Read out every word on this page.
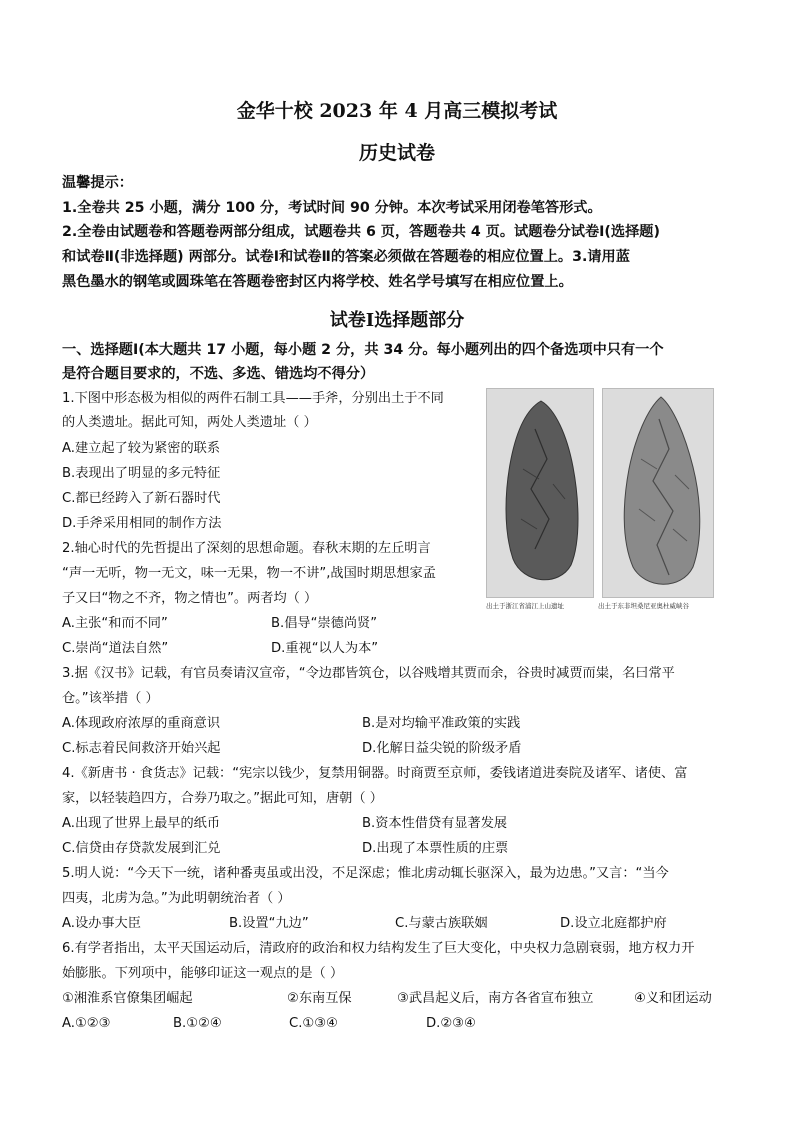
金华十校 2023 年 4 月高三模拟考试
历史试卷
温馨提示：
1.全卷共 25 小题，满分 100 分，考试时间 90 分钟。本次考试采用闭卷笔答形式。
2.全卷由试题卷和答题卷两部分组成，试题卷共 6 页，答题卷共 4 页。试题卷分试卷Ⅰ(选择题)
和试卷Ⅱ(非选择题) 两部分。试卷Ⅰ和试卷Ⅱ的答案必须做在答题卷的相应位置上。3.请用蓝
黑色墨水的钢笔或圆珠笔在答题卷密封区内将学校、姓名学号填写在相应位置上。
试卷Ⅰ选择题部分
一、选择题Ⅰ(本大题共 17 小题，每小题 2 分，共 34 分。每小题列出的四个备选项中只有一个
是符合题目要求的，不选、多选、错选均不得分）
出土于浙江省浦江上山遗址	出土于东非坦桑尼亚奥杜威峡谷
1.下图中形态极为相似的两件石制工具——手斧，分别出土于不同
的人类遗址。据此可知，两处人类遗址（ ）
A.建立起了较为紧密的联系
B.表现出了明显的多元特征
C.都已经跨入了新石器时代
D.手斧采用相同的制作方法
2.轴心时代的先哲提出了深刻的思想命题。春秋末期的左丘明言
“声一无听，物一无文，味一无果，物一不讲”,战国时期思想家孟
子又曰“物之不齐，物之情也”。两者均（ ）
A.主张“和而不同”	B.倡导“崇德尚贤”
C.崇尚“道法自然”	D.重视“以人为本”
3.据《汉书》记载，有官员奏请汉宣帝，“令边郡皆筑仓，以谷贱增其贾而余，谷贵时减贾而粜，名曰常平
仓。”该举措（ ）
A.体现政府浓厚的重商意识	B.是对均输平准政策的实践
C.标志着民间救济开始兴起	D.化解日益尖锐的阶级矛盾
4.《新唐书 · 食货志》记载：“宪宗以钱少，复禁用铜器。时商贾至京师，委钱诸道进奏院及诸军、诸使、富
家，以轻装趋四方，合券乃取之。”据此可知，唐朝（ ）
A.出现了世界上最早的纸币	B.资本性借贷有显著发展
C.信贷由存贷款发展到汇兑	D.出现了本票性质的庄票
5.明人说：“今天下一统，诸种番夷虽或出没，不足深虑；惟北虏动辄长驱深入，最为边患。”又言：“当今
四夷，北虏为急。”为此明朝统治者（ ）
A.设办事大臣	B.设置“九边”	C.与蒙古族联姻	D.设立北庭都护府
6.有学者指出，太平天国运动后，清政府的政治和权力结构发生了巨大变化，中央权力急剧衰弱，地方权力开
始膨胀。下列项中，能够印证这一观点的是（ ）
①湘淮系官僚集团崛起	②东南互保	③武昌起义后，南方各省宣布独立	④义和团运动
A.①②③	B.①②④	C.①③④	D.②③④
